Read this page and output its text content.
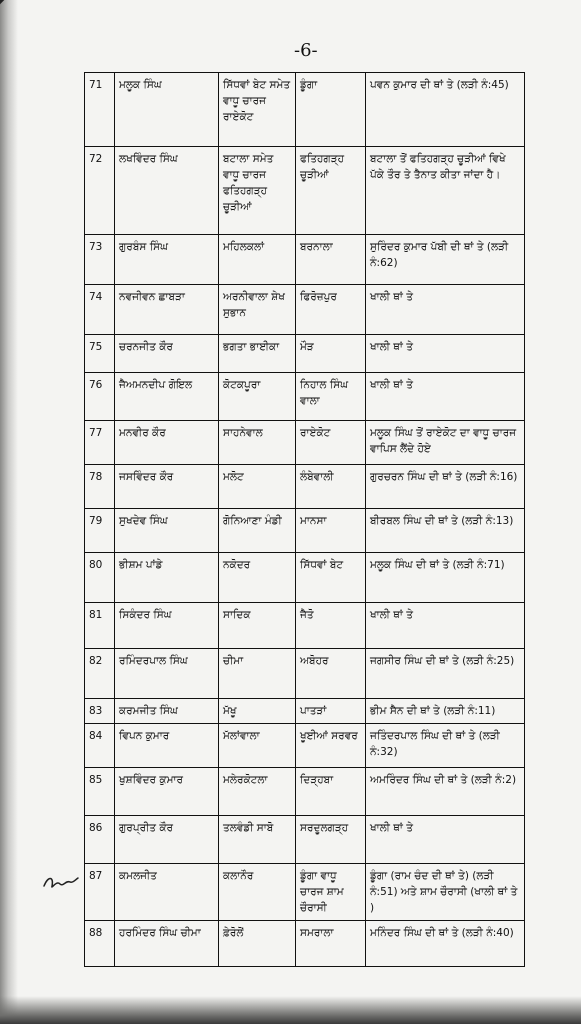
-6-
71	ਮਲੂਕ ਸਿੰਘ	ਸਿੱਧਵਾਂ ਬੇਟ ਸਮੇਤ ਵਾਧੂ ਚਾਰਜ ਰਾਏਕੋਟ	ਡੂੰਗਾ	ਪਵਨ ਕੁਮਾਰ ਦੀ ਥਾਂ ਤੇ (ਲੜੀ ਨੰ:45)
72	ਲਖਵਿੰਦਰ ਸਿੰਘ	ਬਟਾਲਾ ਸਮੇਤ ਵਾਧੂ ਚਾਰਜ ਫਤਿਹਗੜ੍ਹ ਚੂੜੀਆਂ	ਫਤਿਹਗੜ੍ਹ ਚੂੜੀਆਂ	ਬਟਾਲਾ ਤੋਂ ਫਤਿਹਗੜ੍ਹ ਚੂੜੀਆਂ ਵਿਖੇ ਪੱਕੇ ਤੌਰ ਤੇ ਤੈਨਾਤ ਕੀਤਾ ਜਾਂਦਾ ਹੈ।
73	ਗੁਰਬੰਸ ਸਿੰਘ	ਮਹਿਲਕਲਾਂ	ਬਰਨਾਲਾ	ਸੁਰਿੰਦਰ ਕੁਮਾਰ ਪੱਬੀ ਦੀ ਥਾਂ ਤੇ (ਲੜੀ ਨੰ:62)
74	ਨਵਜੀਵਨ ਛਾਬੜਾ	ਅਰਨੀਵਾਲਾ ਸ਼ੇਖ ਸੁਭਾਨ	ਫਿਰੋਜ਼ਪੁਰ	ਖਾਲੀ ਥਾਂ ਤੇ
75	ਚਰਨਜੀਤ ਕੌਰ	ਭਗਤਾ ਭਾਈਕਾ	ਮੌੜ	ਖਾਲੀ ਥਾਂ ਤੇ
76	ਜੈਅਮਨਦੀਪ ਗੋਇਲ	ਕੋਟਕਪੂਰਾ	ਨਿਹਾਲ ਸਿੰਘ ਵਾਲਾ	ਖਾਲੀ ਥਾਂ ਤੇ
77	ਮਨਵੀਰ ਕੌਰ	ਸਾਹਨੇਵਾਲ	ਰਾਏਕੋਟ	ਮਲੂਕ ਸਿੰਘ ਤੋਂ ਰਾਏਕੋਟ ਦਾ ਵਾਧੂ ਚਾਰਜ ਵਾਪਿਸ ਲੈਂਦੇ ਹੋਏ
78	ਜਸਵਿੰਦਰ ਕੌਰ	ਮਲੋਟ	ਲੰਬੇਵਾਲੀ	ਗੁਰਚਰਨ ਸਿੰਘ ਦੀ ਥਾਂ ਤੇ (ਲੜੀ ਨੰ:16)
79	ਸੁਖਦੇਵ ਸਿੰਘ	ਗੋਨਿਆਣਾ ਮੰਡੀ	ਮਾਨਸਾ	ਬੀਰਬਲ ਸਿੰਘ ਦੀ ਥਾਂ ਤੇ (ਲੜੀ ਨੰ:13)
80	ਭੀਸ਼ਮ ਪਾਂਡੇ	ਨਕੋਦਰ	ਸਿੱਧਵਾਂ ਬੇਟ	ਮਲੂਕ ਸਿੰਘ ਦੀ ਥਾਂ ਤੇ (ਲੜੀ ਨੰ:71)
81	ਸਿਕੰਦਰ ਸਿੰਘ	ਸਾਦਿਕ	ਜੈਤੋ	ਖਾਲੀ ਥਾਂ ਤੇ
82	ਰਮਿੰਦਰਪਾਲ ਸਿੰਘ	ਚੀਮਾ	ਅਬੋਹਰ	ਜਗਸੀਰ ਸਿੰਘ ਦੀ ਥਾਂ ਤੇ (ਲੜੀ ਨੰ:25)
83	ਕਰਮਜੀਤ ਸਿੰਘ	ਮੱਖੂ	ਪਾਤੜਾਂ	ਭੀਮ ਸੈਨ ਦੀ ਥਾਂ ਤੇ (ਲੜੀ ਨੰ:11)
84	ਵਿਪਨ ਕੁਮਾਰ	ਮੱਲਾਂਵਾਲਾ	ਖੂਈਆਂ ਸਰਵਰ	ਜਤਿੰਦਰਪਾਲ ਸਿੰਘ ਦੀ ਥਾਂ ਤੇ (ਲੜੀ ਨੰ:32)
85	ਖੁਸ਼ਵਿੰਦਰ ਕੁਮਾਰ	ਮਲੇਰਕੋਟਲਾ	ਦਿੜ੍ਹਬਾ	ਅਮਰਿੰਦਰ ਸਿੰਘ ਦੀ ਥਾਂ ਤੇ (ਲੜੀ ਨੰ:2)
86	ਗੁਰਪ੍ਰੀਤ ਕੌਰ	ਤਲਵੰਡੀ ਸਾਬੋ	ਸਰਦੂਲਗੜ੍ਹ	ਖਾਲੀ ਥਾਂ ਤੇ
87	ਕਮਲਜੀਤ	ਕਲਾਨੌਰ	ਡੂੰਗਾ ਵਾਧੂ ਚਾਰਜ ਸ਼ਾਮ ਚੌਰਾਸੀ	ਡੂੰਗਾ (ਰਾਮ ਚੰਦ ਦੀ ਥਾਂ ਤੇ) (ਲੜੀ ਨੰ:51) ਅਤੇ ਸ਼ਾਮ ਚੌਰਾਸੀ (ਖਾਲੀ ਥਾਂ ਤੇ )
88	ਹਰਮਿੰਦਰ ਸਿੰਘ ਚੀਮਾ	ਫ਼ੇਰੋਲੋਂ	ਸਮਰਾਲਾ	ਮਨਿੰਦਰ ਸਿੰਘ ਦੀ ਥਾਂ ਤੇ (ਲੜੀ ਨੰ:40)
